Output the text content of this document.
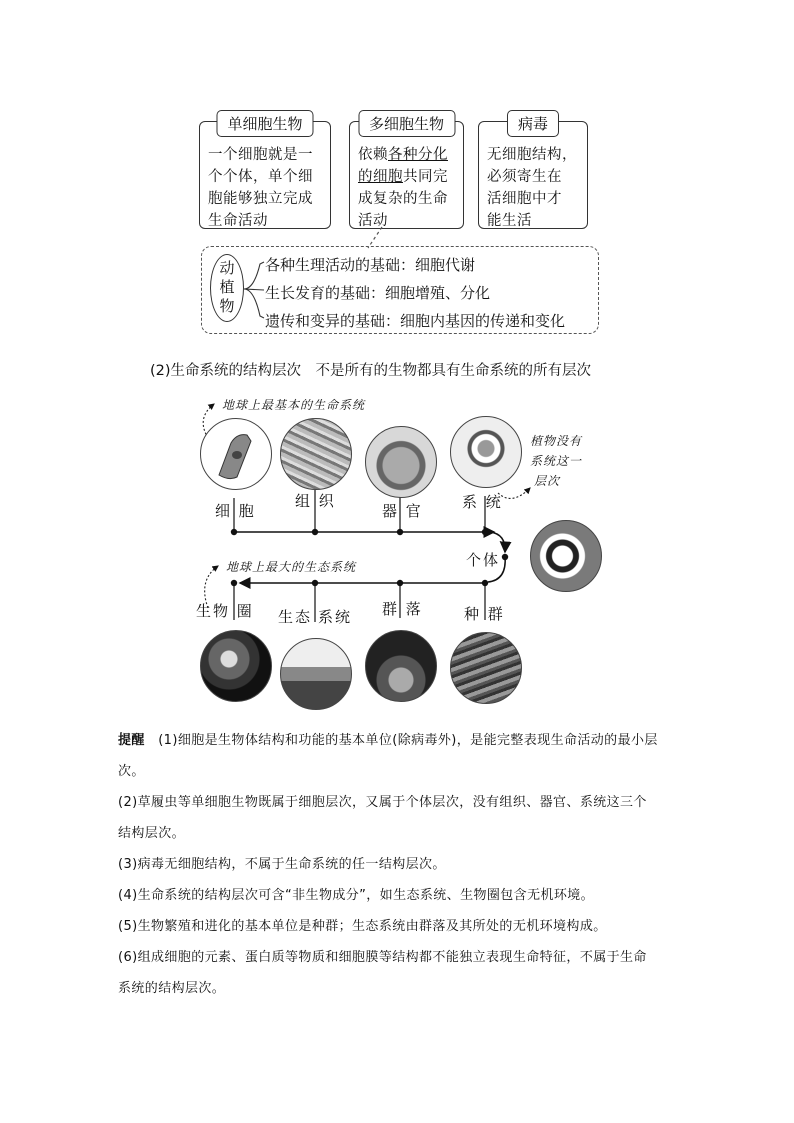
单细胞生物
一个细胞就是一
个个体，单个细
胞能够独立完成
生命活动
多细胞生物
依赖各种分化
的细胞共同完
成复杂的生命
活动
病毒
无细胞结构，
必须寄生在
活细胞中才
能生活
动
植
物
各种生理活动的基础：细胞代谢
生长发育的基础：细胞增殖、分化
遗传和变异的基础：细胞内基因的传递和变化
(2)生命系统的结构层次　不是所有的生物都具有生命系统的所有层次
细 胞
组 织
器 官	系 统
个体
生物 圈 生态 系统 群 落	种 群
地球上最基本的生命系统
地球上最大的生态系统
植物没有
系统这一
层次
提醒　(1)细胞是生物体结构和功能的基本单位(除病毒外)，是能完整表现生命活动的最小层
次。
(2)草履虫等单细胞生物既属于细胞层次，又属于个体层次，没有组织、器官、系统这三个
结构层次。
(3)病毒无细胞结构，不属于生命系统的任一结构层次。
(4)生命系统的结构层次可含“非生物成分”，如生态系统、生物圈包含无机环境。
(5)生物繁殖和进化的基本单位是种群；生态系统由群落及其所处的无机环境构成。
(6)组成细胞的元素、蛋白质等物质和细胞膜等结构都不能独立表现生命特征，不属于生命
系统的结构层次。
